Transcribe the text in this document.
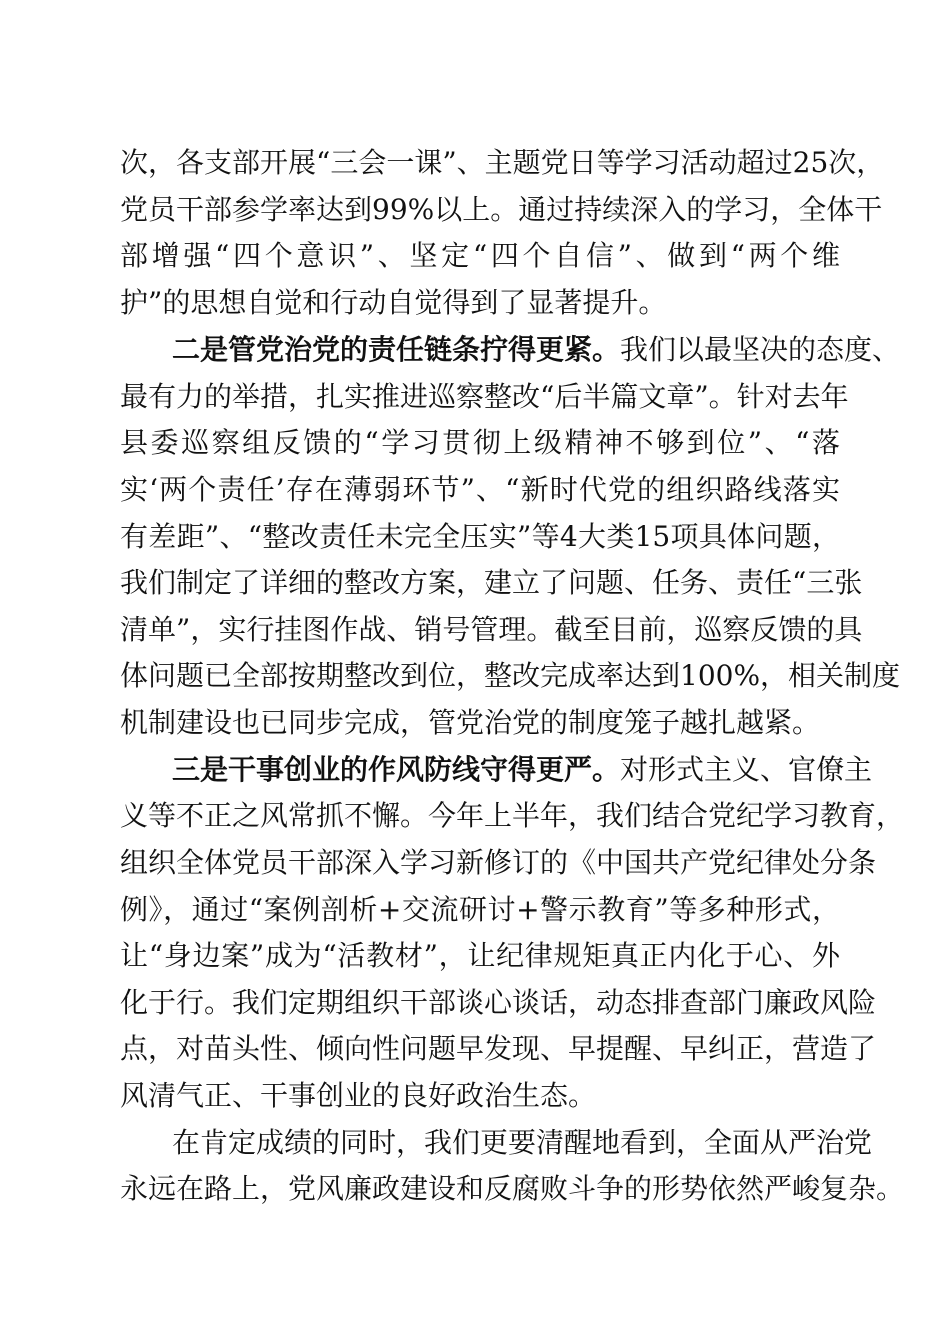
次，各支部开展“三会一课”、主题党日等学习活动超过25次，
党员干部参学率达到99%以上。通过持续深入的学习，全体干
部增强“四个意识”、坚定“四个自信”、做到“两个维
护”的思想自觉和行动自觉得到了显著提升。
二是管党治党的责任链条拧得更紧。我们以最坚决的态度、
最有力的举措，扎实推进巡察整改“后半篇文章”。针对去年
县委巡察组反馈的“学习贯彻上级精神不够到位”、“落
实‘两个责任’存在薄弱环节”、“新时代党的组织路线落实
有差距”、“整改责任未完全压实”等4大类15项具体问题，
我们制定了详细的整改方案，建立了问题、任务、责任“三张
清单”，实行挂图作战、销号管理。截至目前，巡察反馈的具
体问题已全部按期整改到位，整改完成率达到100%，相关制度
机制建设也已同步完成，管党治党的制度笼子越扎越紧。
三是干事创业的作风防线守得更严。对形式主义、官僚主
义等不正之风常抓不懈。今年上半年，我们结合党纪学习教育，
组织全体党员干部深入学习新修订的《中国共产党纪律处分条
例》，通过“案例剖析+交流研讨+警示教育”等多种形式，
让“身边案”成为“活教材”，让纪律规矩真正内化于心、外
化于行。我们定期组织干部谈心谈话，动态排查部门廉政风险
点，对苗头性、倾向性问题早发现、早提醒、早纠正，营造了
风清气正、干事创业的良好政治生态。
在肯定成绩的同时，我们更要清醒地看到，全面从严治党
永远在路上，党风廉政建设和反腐败斗争的形势依然严峻复杂。
